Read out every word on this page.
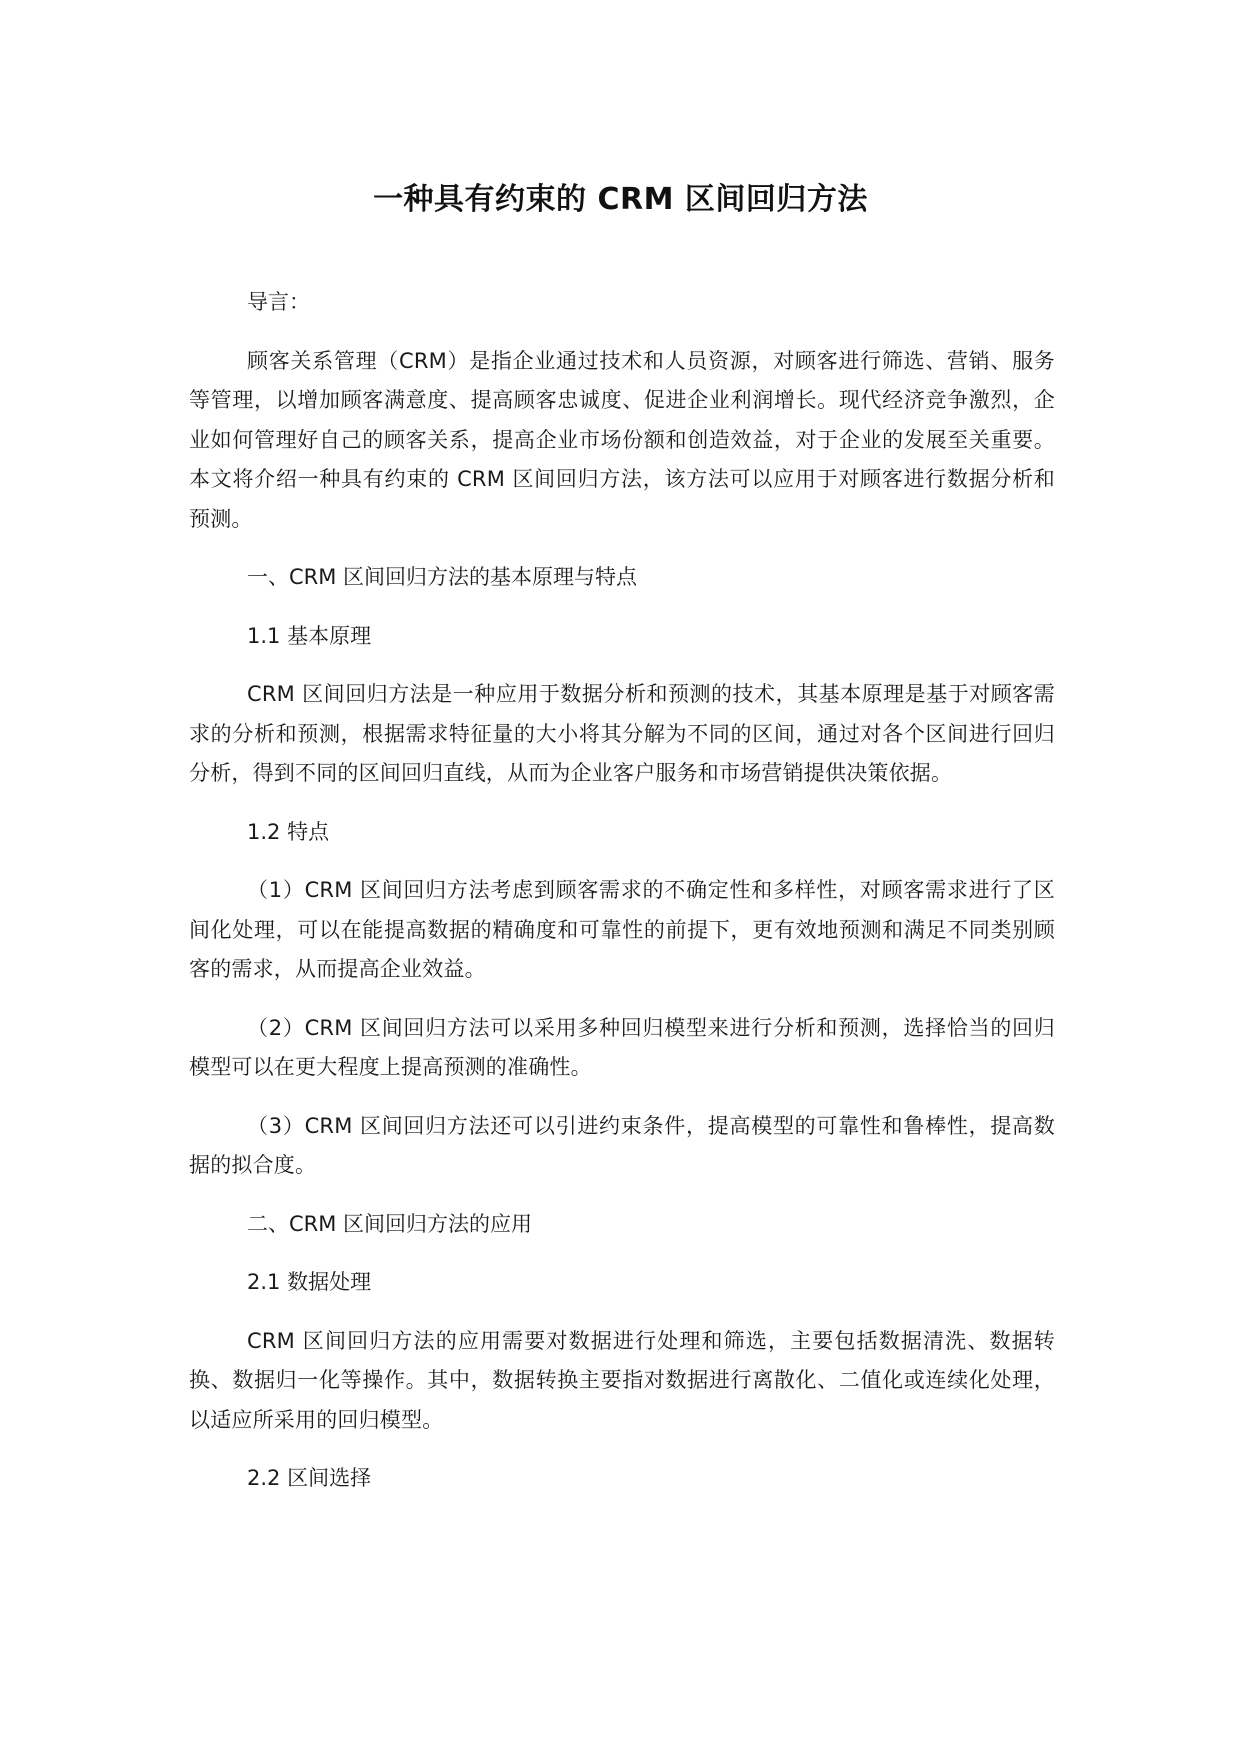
一种具有约束的 CRM 区间回归方法

导言：

顾客关系管理（CRM）是指企业通过技术和人员资源，对顾客进行筛选、营销、服务等管理，以增加顾客满意度、提高顾客忠诚度、促进企业利润增长。现代经济竞争激烈，企业如何管理好自己的顾客关系，提高企业市场份额和创造效益，对于企业的发展至关重要。本文将介绍一种具有约束的 CRM 区间回归方法，该方法可以应用于对顾客进行数据分析和预测。

一、CRM 区间回归方法的基本原理与特点

1.1 基本原理

CRM 区间回归方法是一种应用于数据分析和预测的技术，其基本原理是基于对顾客需求的分析和预测，根据需求特征量的大小将其分解为不同的区间，通过对各个区间进行回归分析，得到不同的区间回归直线，从而为企业客户服务和市场营销提供决策依据。

1.2 特点

（1）CRM 区间回归方法考虑到顾客需求的不确定性和多样性，对顾客需求进行了区间化处理，可以在能提高数据的精确度和可靠性的前提下，更有效地预测和满足不同类别顾客的需求，从而提高企业效益。

（2）CRM 区间回归方法可以采用多种回归模型来进行分析和预测，选择恰当的回归模型可以在更大程度上提高预测的准确性。

（3）CRM 区间回归方法还可以引进约束条件，提高模型的可靠性和鲁棒性，提高数据的拟合度。

二、CRM 区间回归方法的应用

2.1 数据处理

CRM 区间回归方法的应用需要对数据进行处理和筛选，主要包括数据清洗、数据转换、数据归一化等操作。其中，数据转换主要指对数据进行离散化、二值化或连续化处理，以适应所采用的回归模型。

2.2 区间选择
